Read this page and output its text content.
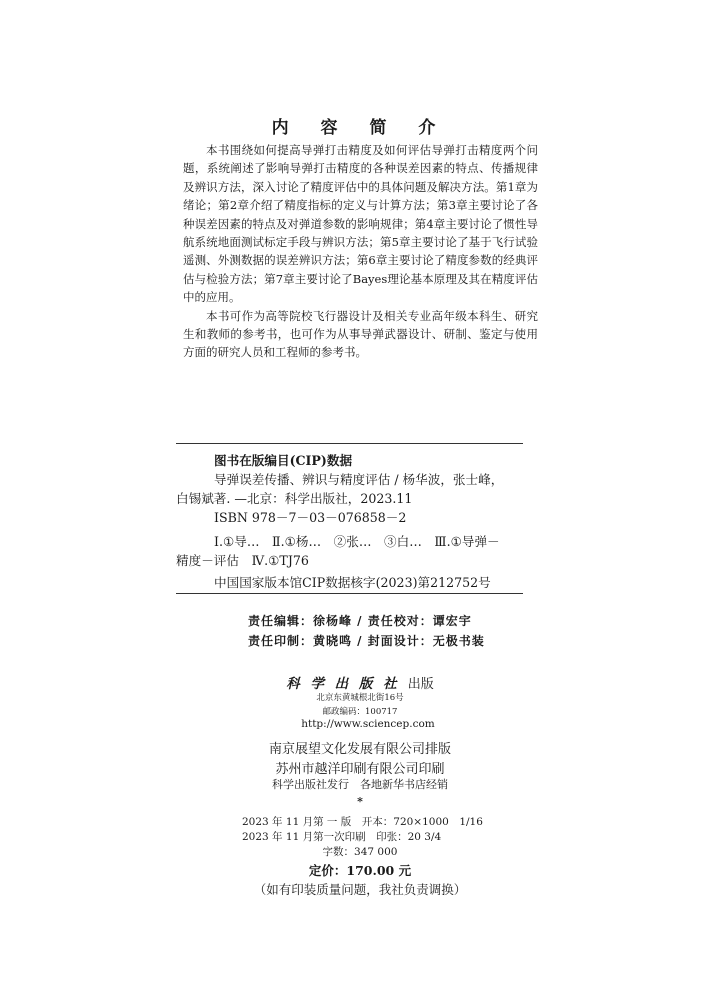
内 容 简 介

本书围绕如何提高导弹打击精度及如何评估导弹打击精度两个问题，系统阐述了影响导弹打击精度的各种误差因素的特点、传播规律及辨识方法，深入讨论了精度评估中的具体问题及解决方法。第1章为绪论；第2章介绍了精度指标的定义与计算方法；第3章主要讨论了各种误差因素的特点及对弹道参数的影响规律；第4章主要讨论了惯性导航系统地面测试标定手段与辨识方法；第5章主要讨论了基于飞行试验遥测、外测数据的误差辨识方法；第6章主要讨论了精度参数的经典评估与检验方法；第7章主要讨论了Bayes理论基本原理及其在精度评估中的应用。

本书可作为高等院校飞行器设计及相关专业高年级本科生、研究生和教师的参考书，也可作为从事导弹武器设计、研制、鉴定与使用方面的研究人员和工程师的参考书。

图书在版编目(CIP)数据
导弹误差传播、辨识与精度评估 / 杨华波，张士峰，
白锡斌著. —北京：科学出版社，2023.11
ISBN 978－7－03－076858－2
Ⅰ.①导…　Ⅱ.①杨…　②张…　③白…　Ⅲ.①导弹－
精度－评估　Ⅳ.①TJ76
中国国家版本馆CIP数据核字(2023)第212752号
责任编辑：徐杨峰 / 责任校对：谭宏宇
责任印制：黄晓鸣 / 封面设计：无极书装
科 学 出 版 社 出版
北京东黄城根北街16号
邮政编码：100717
http://www.sciencep.com
南京展望文化发展有限公司排版
苏州市越洋印刷有限公司印刷
科学出版社发行　各地新华书店经销
*
2023 年 11 月第 一 版　开本：720×1000　1/16
2023 年 11 月第一次印刷　印张：20 3/4
字数：347 000
定价：170.00 元
（如有印装质量问题，我社负责调换）
